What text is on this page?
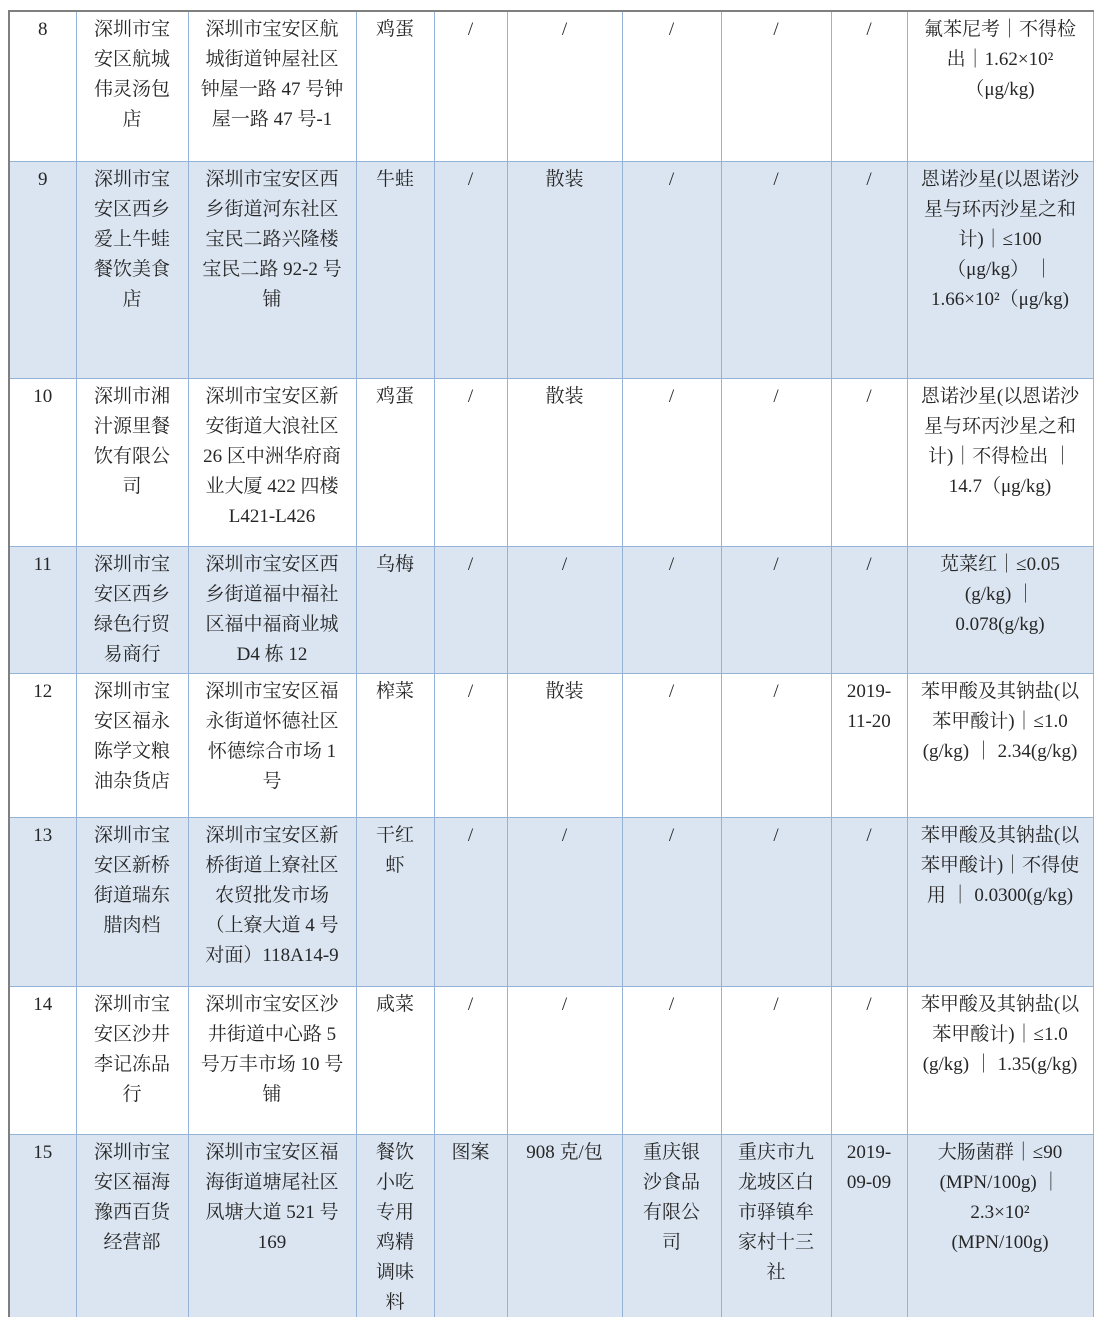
8	深圳市宝安区航城伟灵汤包店	深圳市宝安区航城街道钟屋社区钟屋一路 47 号钟屋一路 47 号-1	鸡蛋	/	/	/	/	/	氟苯尼考｜不得检出｜1.62×10²（μg/kg)
9	深圳市宝安区西乡爱上牛蛙餐饮美食店	深圳市宝安区西乡街道河东社区宝民二路兴隆楼宝民二路 92-2 号铺	牛蛙	/	散装	/	/	/	恩诺沙星(以恩诺沙星与环丙沙星之和计)｜≤100 （μg/kg） ｜ 1.66×10²（μg/kg)
10	深圳市湘汁源里餐饮有限公司	深圳市宝安区新安街道大浪社区 26 区中洲华府商业大厦 422 四楼 L421-L426	鸡蛋	/	散装	/	/	/	恩诺沙星(以恩诺沙星与环丙沙星之和计)｜不得检出 ｜14.7（μg/kg)
11	深圳市宝安区西乡绿色行贸易商行	深圳市宝安区西乡街道福中福社区福中福商业城 D4 栋 12	乌梅	/	/	/	/	/	苋菜红｜≤0.05 (g/kg) ｜ 0.078(g/kg)
12	深圳市宝安区福永陈学文粮油杂货店	深圳市宝安区福永街道怀德社区怀德综合市场 1 号	榨菜	/	散装	/	/	2019-11-20	苯甲酸及其钠盐(以苯甲酸计)｜≤1.0 (g/kg) ｜ 2.34(g/kg)
13	深圳市宝安区新桥街道瑞东腊肉档	深圳市宝安区新桥街道上寮社区农贸批发市场（上寮大道 4 号对面）118A14-9	干红虾	/	/	/	/	/	苯甲酸及其钠盐(以苯甲酸计)｜不得使用 ｜ 0.0300(g/kg)
14	深圳市宝安区沙井李记冻品行	深圳市宝安区沙井街道中心路 5 号万丰市场 10 号铺	咸菜	/	/	/	/	/	苯甲酸及其钠盐(以苯甲酸计)｜≤1.0 (g/kg) ｜ 1.35(g/kg)
15	深圳市宝安区福海豫西百货经营部	深圳市宝安区福海街道塘尾社区凤塘大道 521 号 169	餐饮小吃专用鸡精调味料	图案	908 克/包	重庆银沙食品有限公司	重庆市九龙坡区白市驿镇牟家村十三社	2019-09-09	大肠菌群｜≤90 (MPN/100g) ｜ 2.3×10² (MPN/100g)
